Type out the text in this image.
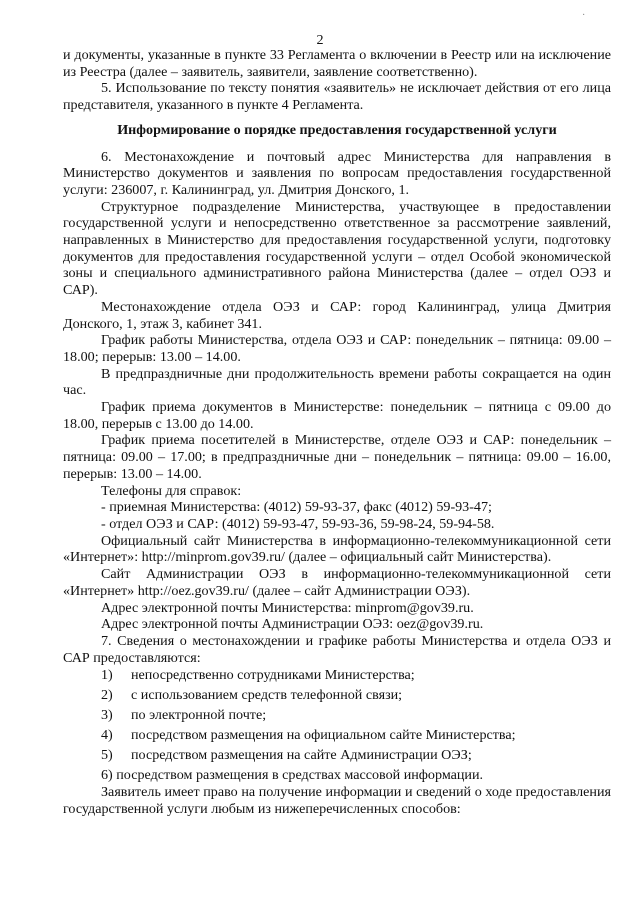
·
2

и документы, указанные в пункте 33 Регламента о включении в Реестр или на исключение из Реестра (далее – заявитель, заявители, заявление соответственно).

5. Использование по тексту понятия «заявитель» не исключает действия от его лица представителя, указанного в пункте 4 Регламента.

Информирование о порядке предоставления государственной услуги

6. Местонахождение и почтовый адрес Министерства для направления в Министерство документов и заявления по вопросам предоставления государственной услуги: 236007, г. Калининград, ул. Дмитрия Донского, 1.

Структурное подразделение Министерства, участвующее в предоставлении государственной услуги и непосредственно ответственное за рассмотрение заявлений, направленных в Министерство для предоставления государственной услуги, подготовку документов для предоставления государственной услуги – отдел Особой экономической зоны и специального административного района Министерства (далее – отдел ОЭЗ и САР).

Местонахождение отдела ОЭЗ и САР: город Калининград, улица Дмитрия Донского, 1, этаж 3, кабинет 341.

График работы Министерства, отдела ОЭЗ и САР: понедельник – пятница: 09.00 – 18.00; перерыв: 13.00 – 14.00.

В предпраздничные дни продолжительность времени работы сокращается на один час.

График приема документов в Министерстве: понедельник – пятница с 09.00 до 18.00, перерыв с 13.00 до 14.00.

График приема посетителей в Министерстве, отделе ОЭЗ и САР: понедельник – пятница: 09.00 – 17.00; в предпраздничные дни – понедельник – пятница: 09.00 – 16.00, перерыв: 13.00 – 14.00.

Телефоны для справок:

- приемная Министерства: (4012) 59-93-37, факс (4012) 59-93-47;

- отдел ОЭЗ и САР: (4012) 59-93-47, 59-93-36, 59-98-24, 59-94-58.

Официальный сайт Министерства в информационно-телекоммуникационной сети «Интернет»: http://minprom.gov39.ru/ (далее – официальный сайт Министерства).

Сайт Администрации ОЭЗ в информационно-телекоммуникационной сети «Интернет» http://oez.gov39.ru/ (далее – сайт Администрации ОЭЗ).

Адрес электронной почты Министерства: minprom@gov39.ru.

Адрес электронной почты Администрации ОЭЗ: oez@gov39.ru.

7. Сведения о местонахождении и графике работы Министерства и отдела ОЭЗ и САР предоставляются:

1)	непосредственно сотрудниками Министерства;
2)	с использованием средств телефонной связи;
3)	по электронной почте;
4)	посредством размещения на официальном сайте Министерства;
5)	посредством размещения на сайте Администрации ОЭЗ;

6) посредством размещения в средствах массовой информации.

Заявитель имеет право на получение информации и сведений о ходе предоставления государственной услуги любым из нижеперечисленных способов:
